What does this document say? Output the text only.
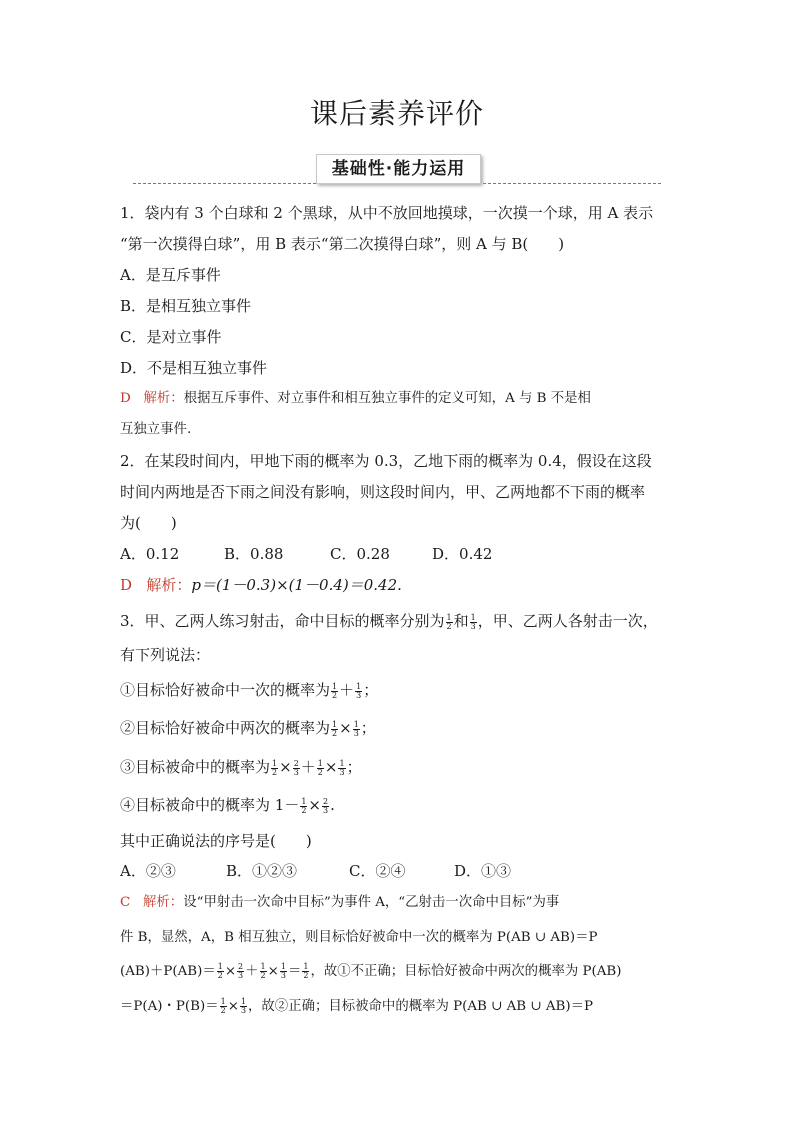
课后素养评价
基础性·能力运用
1．袋内有 3 个白球和 2 个黑球，从中不放回地摸球，一次摸一个球，用 A 表示
“第一次摸得白球”，用 B 表示“第二次摸得白球”，则 A 与 B(　　)
A．是互斥事件
B．是相互独立事件
C．是对立事件
D．不是相互独立事件
D 解析：根据互斥事件、对立事件和相互独立事件的定义可知，A 与 B 不是相
互独立事件.
2．在某段时间内，甲地下雨的概率为 0.3，乙地下雨的概率为 0.4，假设在这段
时间内两地是否下雨之间没有影响，则这段时间内，甲、乙两地都不下雨的概率
为(　　)
A．0.12	B．0.88	C．0.28	D．0.42
D 解析：p＝(1－0.3)×(1－0.4)＝0.42.
3．甲、乙两人练习射击，命中目标的概率分别为 $\frac{1}{2}$ 和 $\frac{1}{3}$ ，甲、乙两人各射击一次，
有下列说法：
①目标恰好被命中一次的概率为 $\frac{1}{2} + \frac{1}{3}$ ；
②目标恰好被命中两次的概率为 $\frac{1}{2} \times \frac{1}{3}$ ；
③目标被命中的概率为 $\frac{1}{2} \times \frac{2}{3} + \frac{1}{2} \times \frac{1}{3}$ ；
④目标被命中的概率为 $1- \frac{1}{2} \times \frac{2}{3}$ .
其中正确说法的序号是(　　)
A．②③	B．①②③	C．②④	D．①③
C 解析：设“甲射击一次命中目标”为事件 A，“乙射击一次命中目标”为事
件 B，显然，A，B 相互独立，则目标恰好被命中一次的概率为 P(AB ∪ AB)＝P
$(AB)+P(AB)= \frac{1}{2} \times \frac{2}{3} + \frac{1}{2} \times \frac{1}{3} = \frac{1}{2}$ ，故①不正确；目标恰好被命中两次的概率为 P(AB)
＝P(A)・$P(B)= \frac{1}{2} \times \frac{1}{3}$ ，故②正确；目标被命中的概率为 P(AB ∪ AB ∪ AB)＝P
